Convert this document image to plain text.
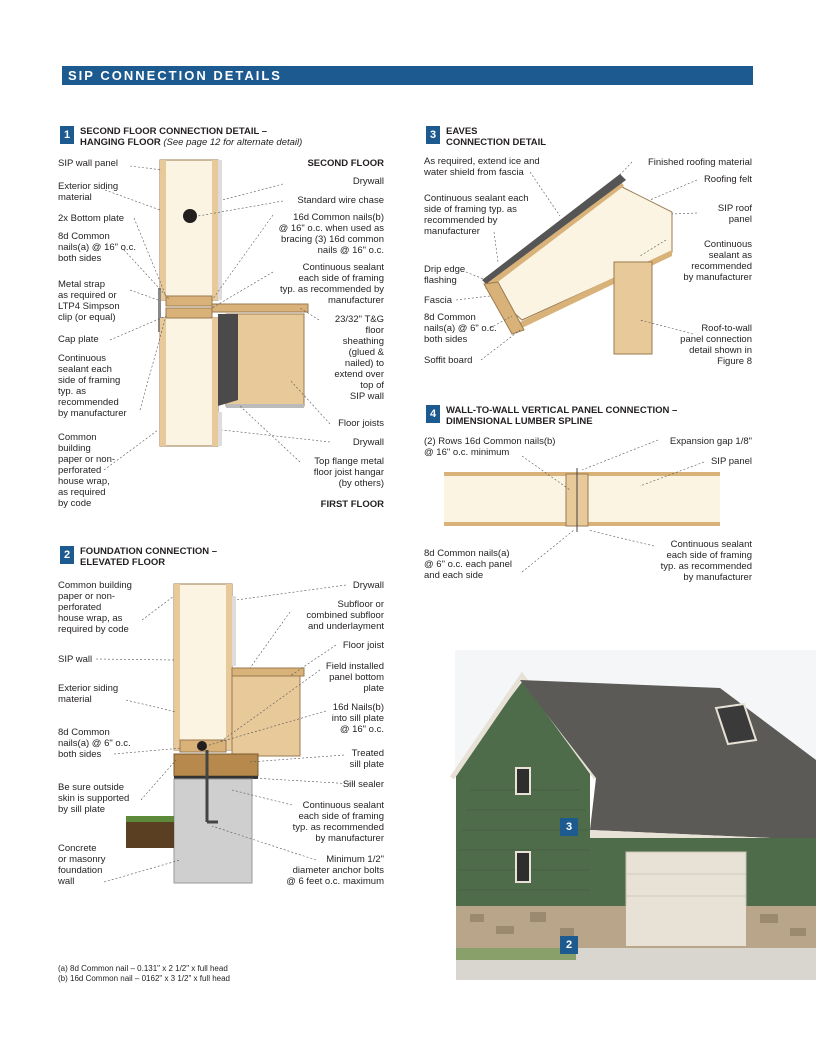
SIP CONNECTION DETAILS
1	SECOND FLOOR CONNECTION DETAIL –
HANGING FLOOR (See page 12 for alternate detail)
SIP wall panel
Exterior siding
material
2x Bottom plate
8d Common
nails(a) @ 16" o.c.
both sides
Metal strap
as required or
LTP4 Simpson
clip (or equal)
Cap plate
Continuous
sealant each
side of framing
typ. as
recommended
by manufacturer
Common
building
paper or non-
perforated
house wrap,
as required
by code
SECOND FLOOR
Drywall
Standard wire chase
16d Common nails(b)
@ 16" o.c. when used as
bracing (3) 16d common
nails @ 16" o.c.
Continuous sealant
each side of framing
typ. as recommended by
manufacturer
23/32" T&G
floor
sheathing
(glued &
nailed) to
extend over
top of
SIP wall
Floor joists
Drywall
Top flange metal
floor joist hangar
(by others)
FIRST FLOOR
2	FOUNDATION CONNECTION –
ELEVATED FLOOR
Common building
paper or non-
perforated
house wrap, as
required by code
SIP wall
Exterior siding
material
8d Common
nails(a) @ 6" o.c.
both sides
Be sure outside
skin is supported
by sill plate
Concrete
or masonry
foundation
wall
Drywall
Subfloor or
combined subfloor
and underlayment
Floor joist
Field installed
panel bottom
plate
16d Nails(b)
into sill plate
@ 16" o.c.
Treated
sill plate
Sill sealer
Continuous sealant
each side of framing
typ. as recommended
by manufacturer
Minimum 1/2"
diameter anchor bolts
@ 6 feet o.c. maximum
3	EAVES
CONNECTION DETAIL
As required, extend ice and
water shield from fascia
Continuous sealant each
side of framing typ. as
recommended by
manufacturer
Drip edge
flashing
Fascia
8d Common
nails(a) @ 6" o.c.
both sides
Soffit board
Finished roofing material
Roofing felt
SIP roof
panel
Continuous
sealant as
recommended
by manufacturer
Roof-to-wall
panel connection
detail shown in
Figure 8
4	WALL-TO-WALL VERTICAL PANEL CONNECTION –
DIMENSIONAL LUMBER SPLINE
(2) Rows 16d Common nails(b)
@ 16" o.c. minimum
Expansion gap 1/8"
SIP panel
Continuous sealant
each side of framing
typ. as recommended
by manufacturer
8d Common nails(a)
@ 6" o.c. each panel
and each side
3
2
(a) 8d Common nail – 0.131" x 2 1/2" x full head
(b) 16d Common nail – 0162" x 3 1/2" x full head
